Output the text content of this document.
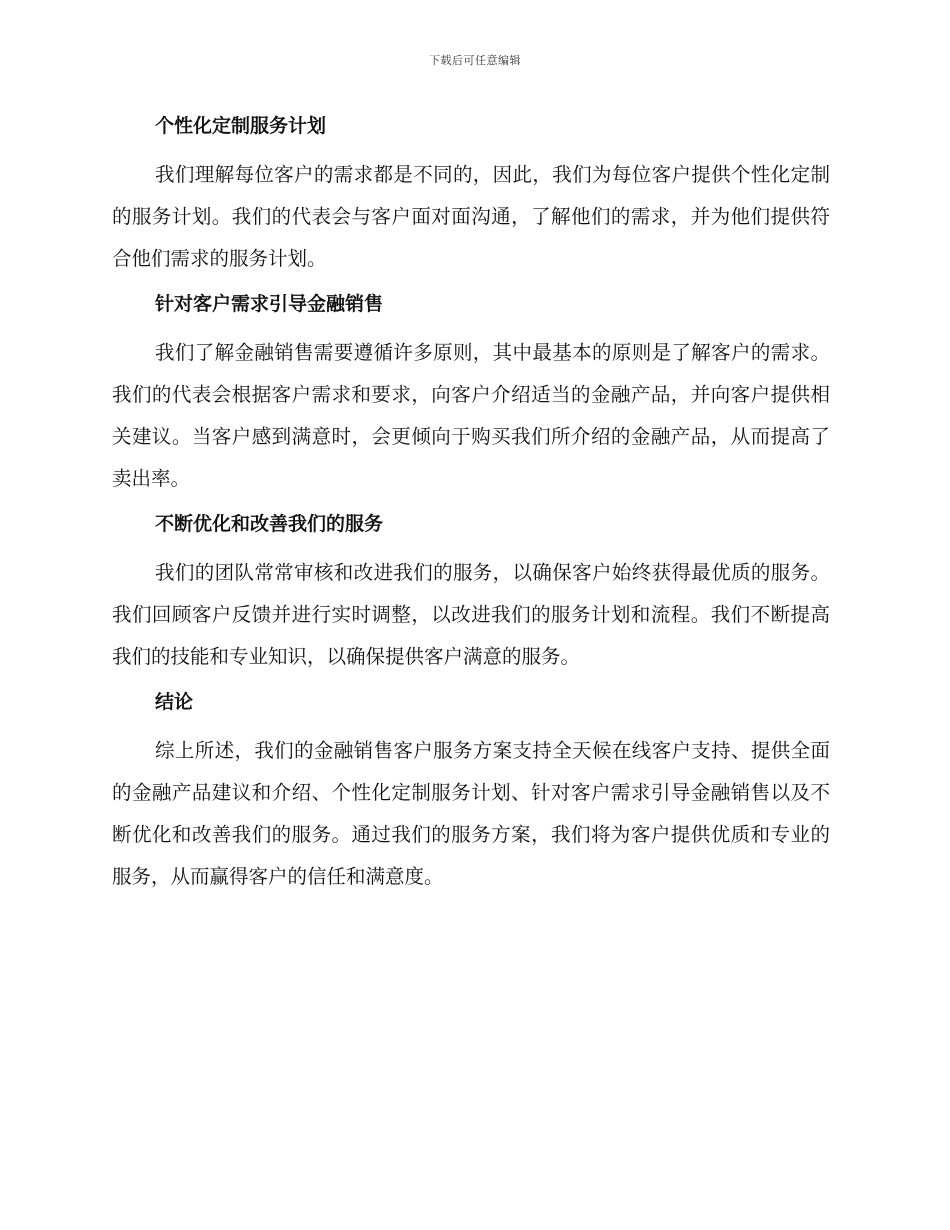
下载后可任意编辑
个性化定制服务计划

我们理解每位客户的需求都是不同的，因此，我们为每位客户提供个性化定制的服务计划。我们的代表会与客户面对面沟通，了解他们的需求，并为他们提供符合他们需求的服务计划。

针对客户需求引导金融销售

我们了解金融销售需要遵循许多原则，其中最基本的原则是了解客户的需求。我们的代表会根据客户需求和要求，向客户介绍适当的金融产品，并向客户提供相关建议。当客户感到满意时，会更倾向于购买我们所介绍的金融产品，从而提高了卖出率。

不断优化和改善我们的服务

我们的团队常常审核和改进我们的服务，以确保客户始终获得最优质的服务。我们回顾客户反馈并进行实时调整，以改进我们的服务计划和流程。我们不断提高我们的技能和专业知识，以确保提供客户满意的服务。

结论

综上所述，我们的金融销售客户服务方案支持全天候在线客户支持、提供全面的金融产品建议和介绍、个性化定制服务计划、针对客户需求引导金融销售以及不断优化和改善我们的服务。通过我们的服务方案，我们将为客户提供优质和专业的服务，从而赢得客户的信任和满意度。
